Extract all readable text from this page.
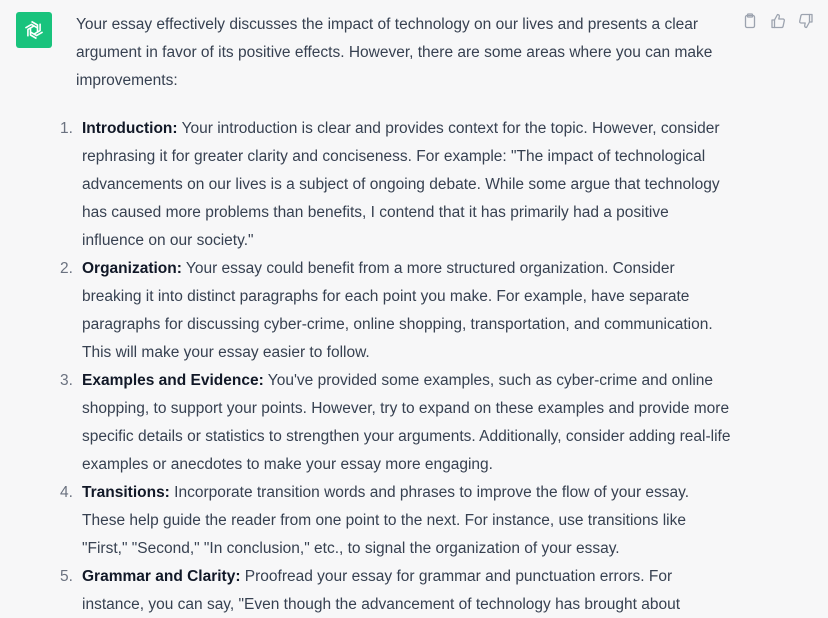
Your essay effectively discusses the impact of technology on our lives and presents a clear argument in favor of its positive effects. However, there are some areas where you can make improvements:

1. Introduction: Your introduction is clear and provides context for the topic. However, consider rephrasing it for greater clarity and conciseness. For example: "The impact of technological advancements on our lives is a subject of ongoing debate. While some argue that technology has caused more problems than benefits, I contend that it has primarily had a positive influence on our society."
2. Organization: Your essay could benefit from a more structured organization. Consider breaking it into distinct paragraphs for each point you make. For example, have separate paragraphs for discussing cyber-crime, online shopping, transportation, and communication. This will make your essay easier to follow.
3. Examples and Evidence: You've provided some examples, such as cyber-crime and online shopping, to support your points. However, try to expand on these examples and provide more specific details or statistics to strengthen your arguments. Additionally, consider adding real-life examples or anecdotes to make your essay more engaging.
4. Transitions: Incorporate transition words and phrases to improve the flow of your essay. These help guide the reader from one point to the next. For instance, use transitions like "First," "Second," "In conclusion," etc., to signal the organization of your essay.
5. Grammar and Clarity: Proofread your essay for grammar and punctuation errors. For instance, you can say, "Even though the advancement of technology has brought about
